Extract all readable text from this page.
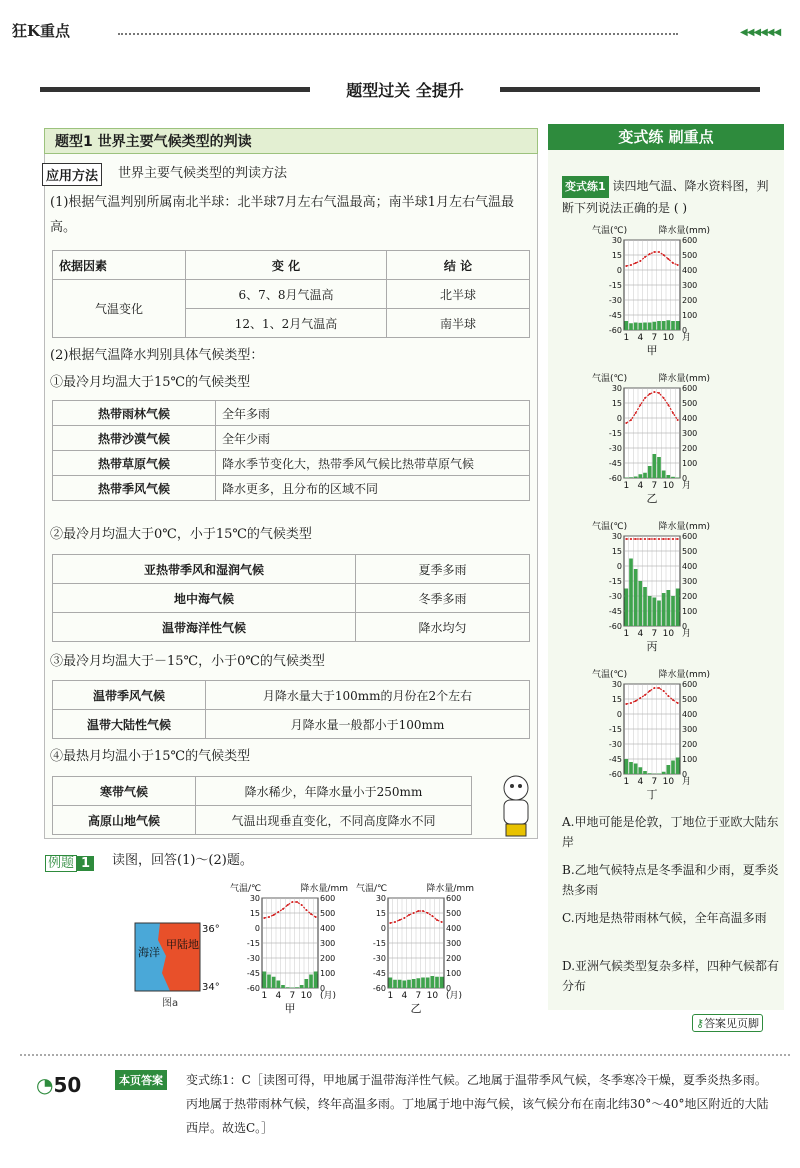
狂K重点	◀◀◀◀◀◀
题型过关 全提升
题型1 世界主要气候类型的判读
应用方法	世界主要气候类型的判读方法
(1)根据气温判别所属南北半球：北半球7月左右气温最高；南半球1月左右气温最高。
依据因素	变 化	结 论
气温变化	6、7、8月气温高	北半球
	12、1、2月气温高	南半球
(2)根据气温降水判别具体气候类型：
①最冷月均温大于15℃的气候类型
热带雨林气候	全年多雨
热带沙漠气候	全年少雨
热带草原气候	降水季节变化大，热带季风气候比热带草原气候
热带季风气候	降水更多，且分布的区域不同
②最冷月均温大于0℃，小于15℃的气候类型
亚热带季风和湿润气候	夏季多雨
地中海气候	冬季多雨
温带海洋性气候	降水均匀
③最冷月均温大于－15℃，小于0℃的气候类型
温带季风气候	月降水量大于100mm的月份在2个左右
温带大陆性气候	月降水量一般都小于100mm
④最热月均温小于15℃的气候类型
寒带气候	降水稀少，年降水量小于250mm
高原山地气候	气温出现垂直变化，不同高度降水不同
例题 1	读图，回答(1)～(2)题。
海洋
甲陆地
36°
34°
图a
变式练 刷重点
变式练1 读四地气温、降水资料图，判断下列说法正确的是 ( )
A.甲地可能是伦敦，丁地位于亚欧大陆东岸
B.乙地气候特点是冬季温和少雨，夏季炎热多雨
C.丙地是热带雨林气候，全年高温多雨
D.亚洲气候类型复杂多样，四种气候都有分布
⚷答案见页脚
◔50	本页答案	变式练1：C［读图可得，甲地属于温带海洋性气候。乙地属于温带季风气候，冬季寒冷干燥，夏季炎热多雨。丙地属于热带雨林气候，终年高温多雨。丁地属于地中海气候，该气候分布在南北纬30°～40°地区附近的大陆西岸。故选C。］
气温(℃)	降水量(mm)
30	600
15	500
0	400
-15	300
-30	200
-45	100
-60	0
1 4 7 10 月
甲
气温(℃)	降水量(mm)
30	600
15	500
0	400
-15	300
-30	200
-45	100
-60	0
1 4 7 10 月
乙
气温(℃)	降水量(mm)
30	600
15	500
0	400
-15	300
-30	200
-45	100
-60	0
1 4 7 10 月
丙
气温(℃)	降水量(mm)
30	600
15	500
0	400
-15	300
-30	200
-45	100
-60	0
1 4 7 10 月
丁
气温/℃	降水量/mm
30	600
15	500
0	400
-15	300
-30	200
-45	100
-60	0
1 4 7 10 (月)
甲
气温/℃	降水量/mm
30	600
15	500
0	400
-15	300
-30	200
-45	100
-60	0
1 4 7 10 (月)
乙
